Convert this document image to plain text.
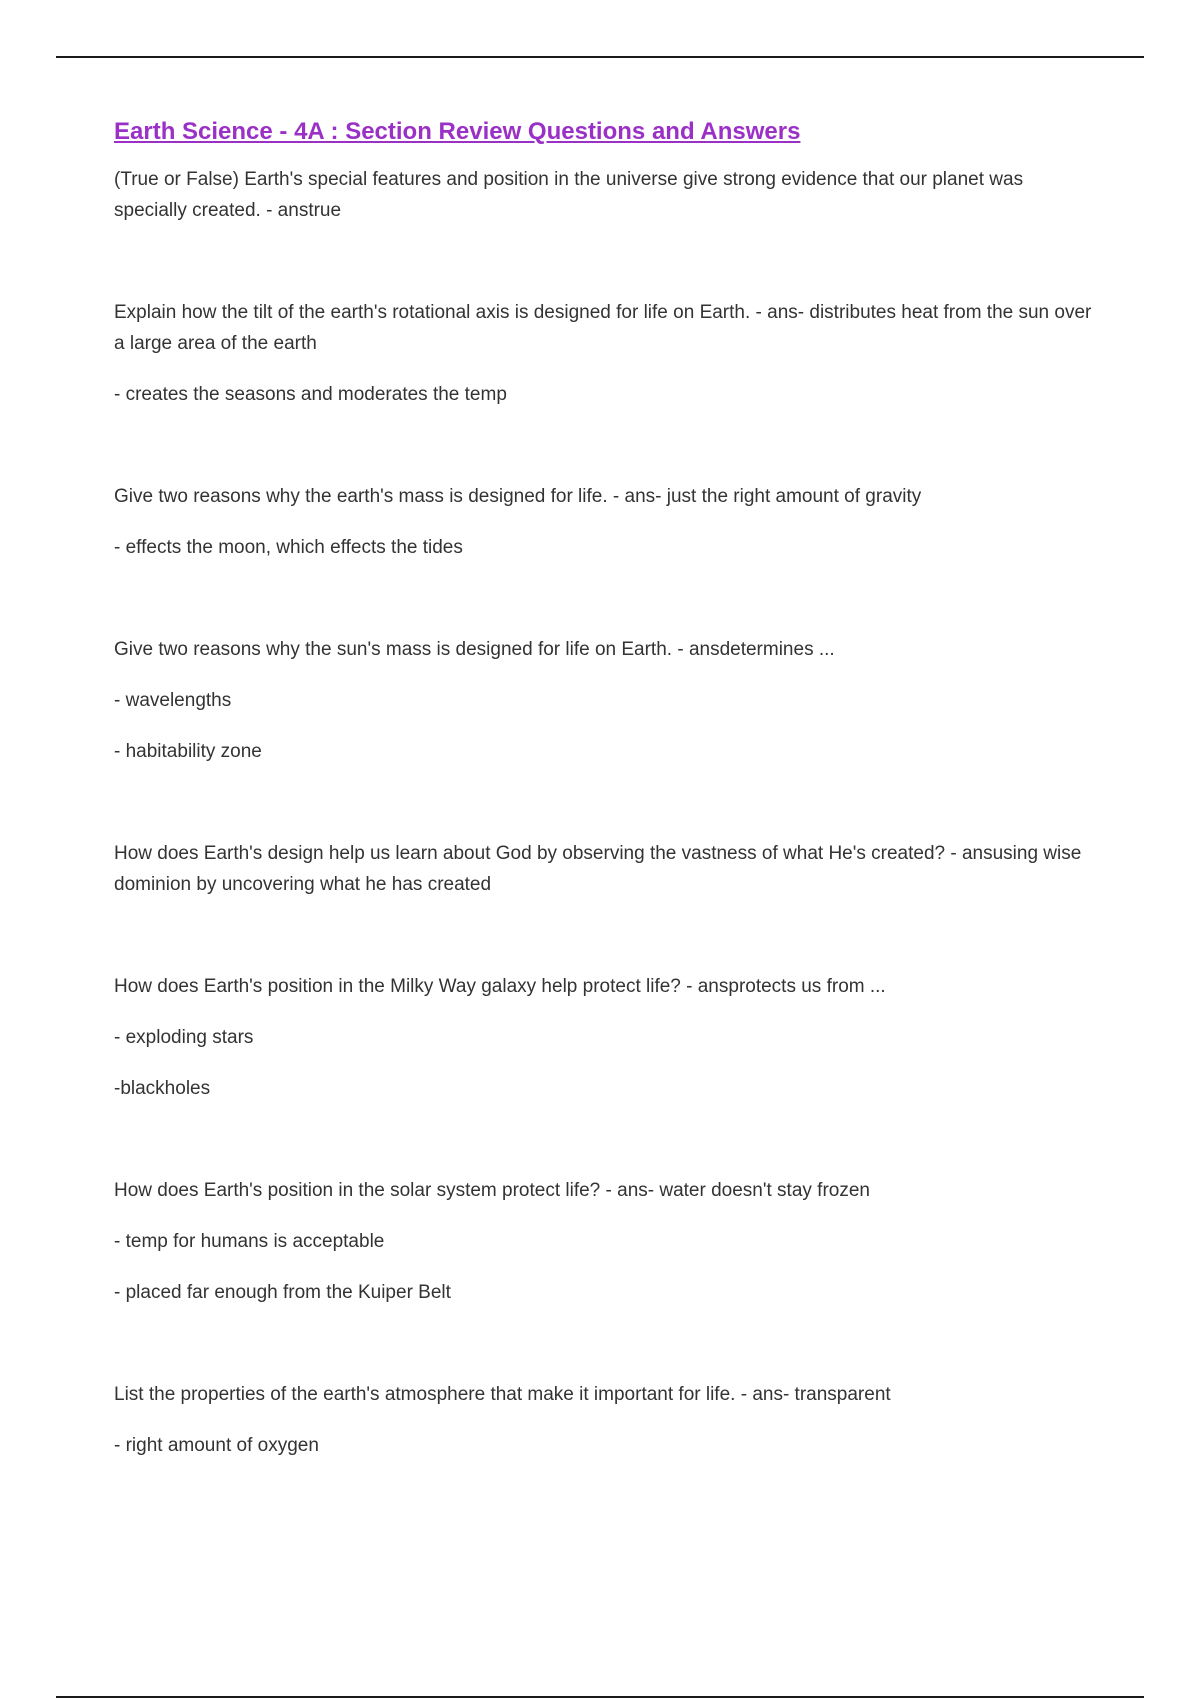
Earth Science - 4A : Section Review Questions and Answers

(True or False) Earth's special features and position in the universe give strong evidence that our planet was specially created. - anstrue

Explain how the tilt of the earth's rotational axis is designed for life on Earth. - ans- distributes heat from the sun over a large area of the earth

- creates the seasons and moderates the temp

Give two reasons why the earth's mass is designed for life. - ans- just the right amount of gravity

- effects the moon, which effects the tides

Give two reasons why the sun's mass is designed for life on Earth. - ansdetermines ...

- wavelengths

- habitability zone

How does Earth's design help us learn about God by observing the vastness of what He's created? - ansusing wise dominion by uncovering what he has created

How does Earth's position in the Milky Way galaxy help protect life? - ansprotects us from ...

- exploding stars

-blackholes

How does Earth's position in the solar system protect life? - ans- water doesn't stay frozen

- temp for humans is acceptable

- placed far enough from the Kuiper Belt

List the properties of the earth's atmosphere that make it important for life. - ans- transparent

- right amount of oxygen
